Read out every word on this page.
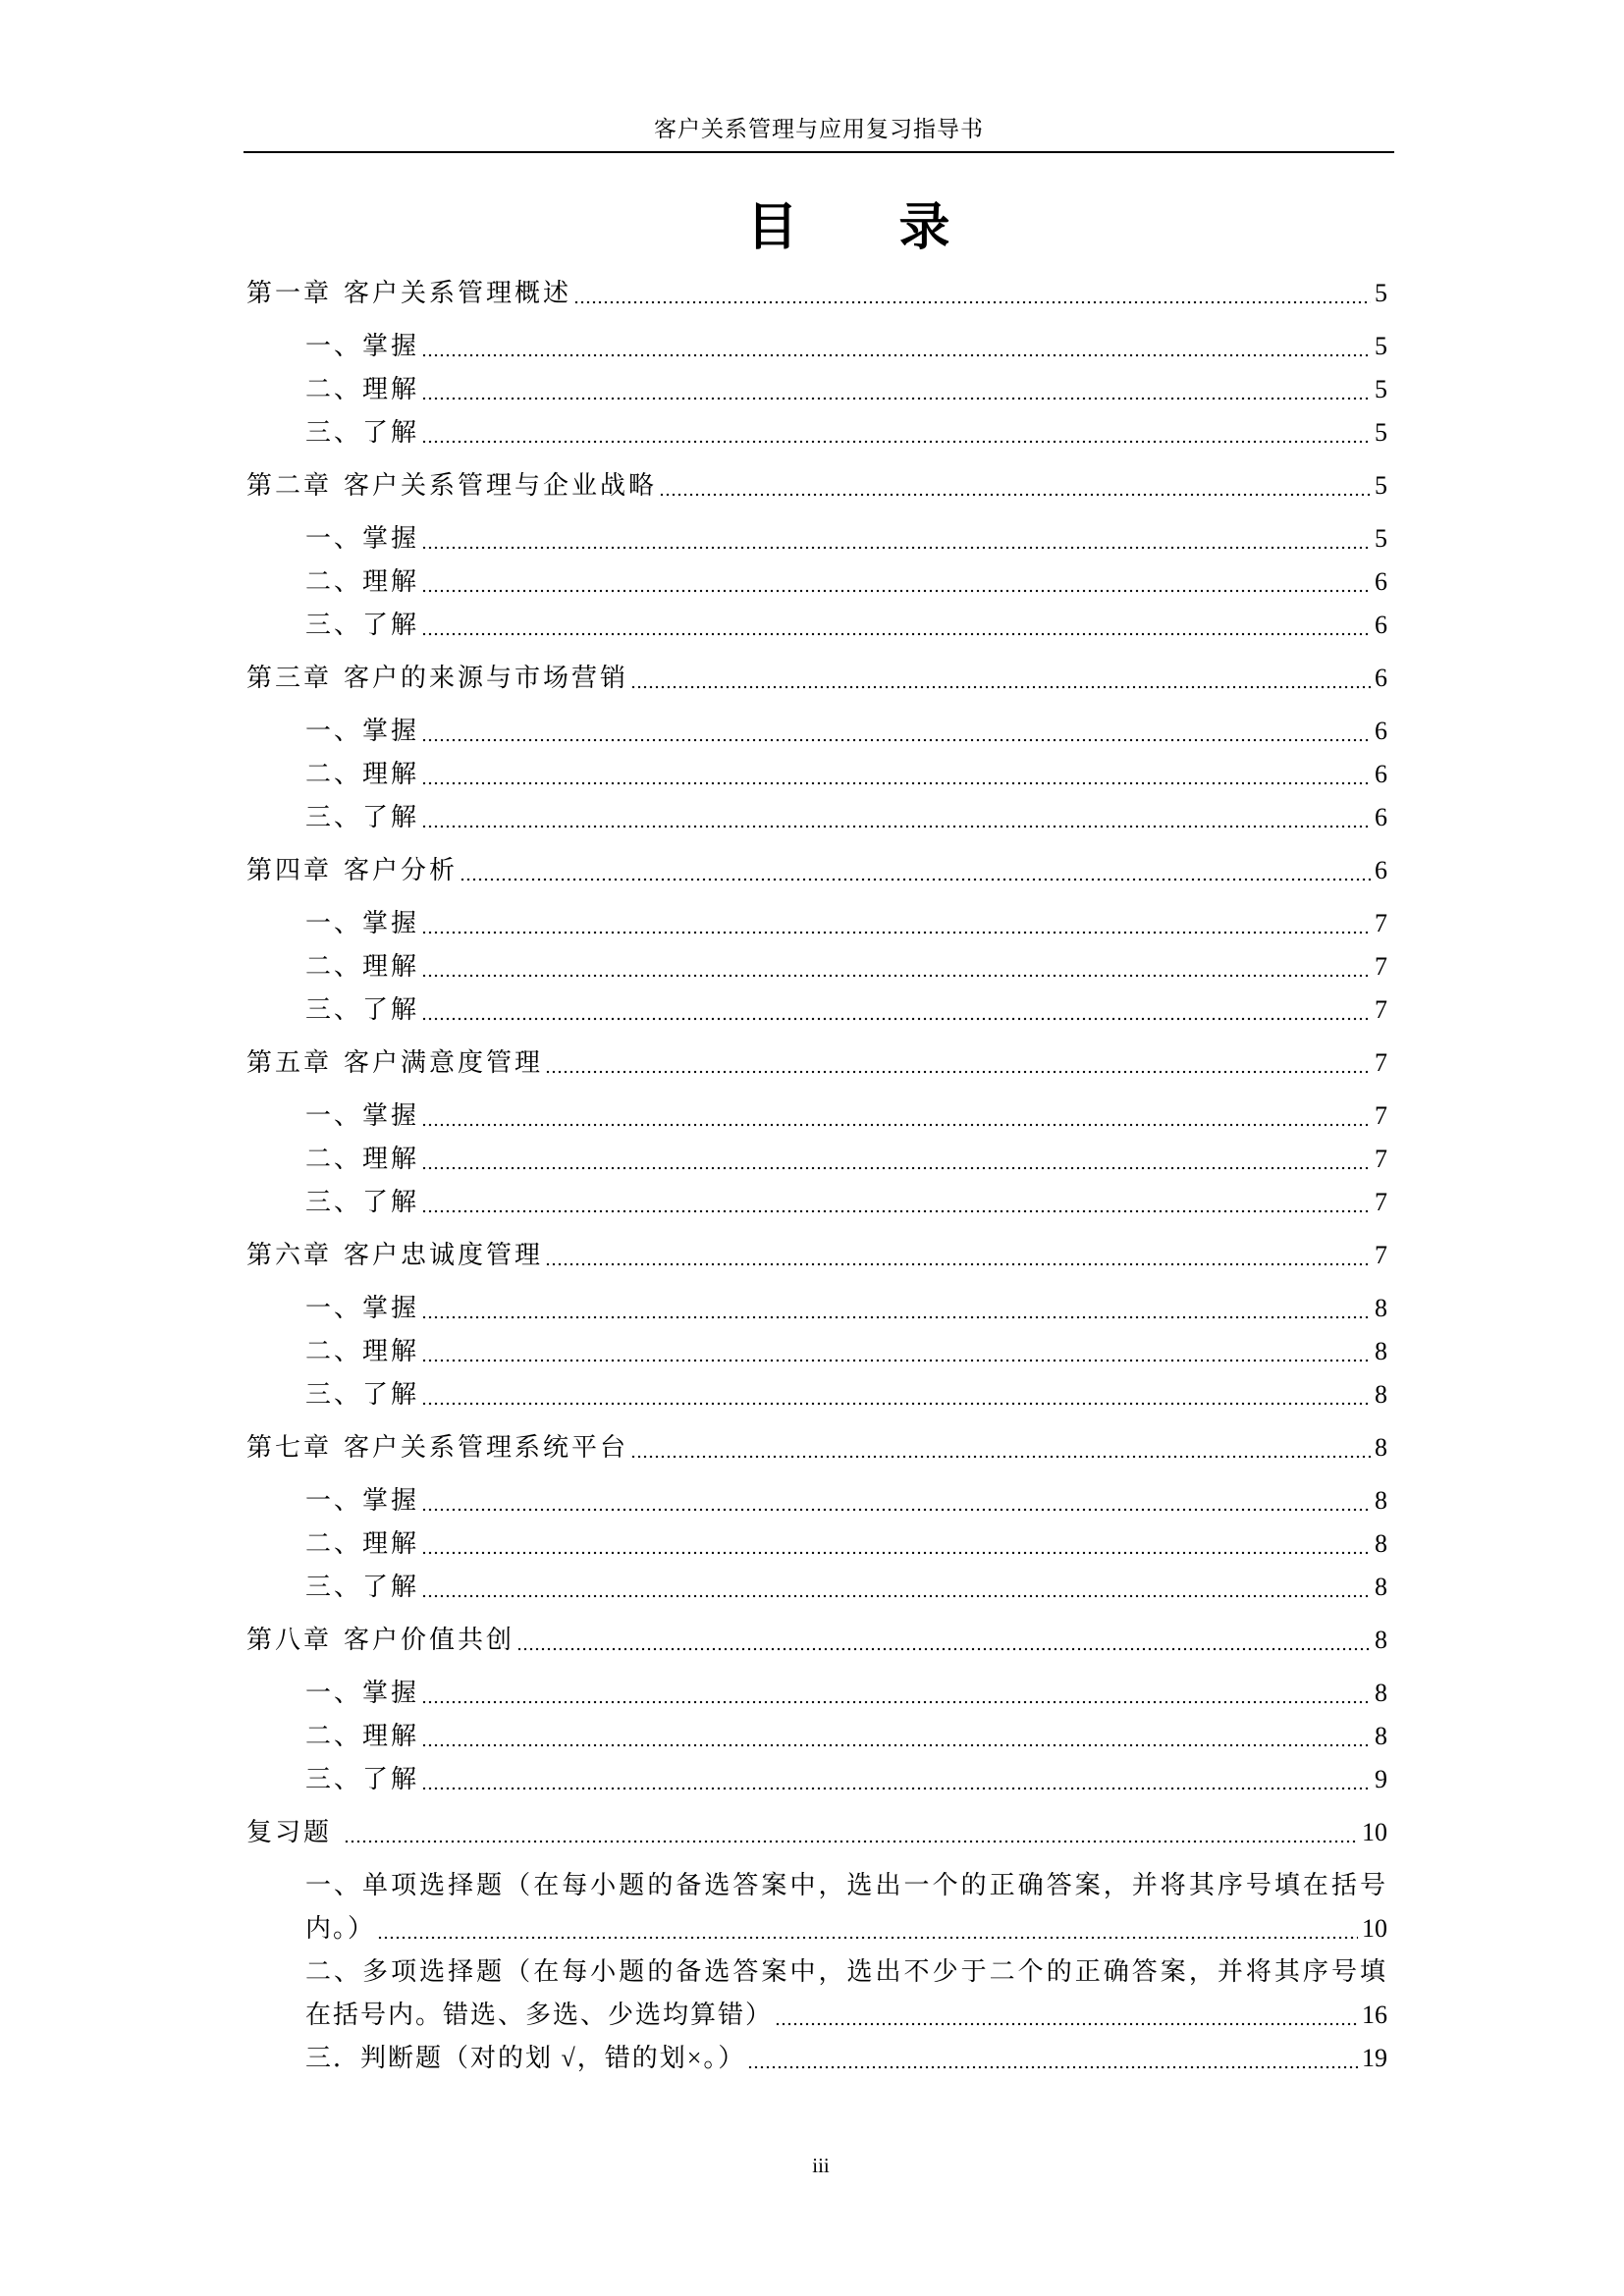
客户关系管理与应用复习指导书
目 录
第一章 客户关系管理概述	5
一、掌握	5
二、理解	5
三、了解	5
第二章 客户关系管理与企业战略	5
一、掌握	5
二、理解	6
三、了解	6
第三章 客户的来源与市场营销	6
一、掌握	6
二、理解	6
三、了解	6
第四章 客户分析	6
一、掌握	7
二、理解	7
三、了解	7
第五章 客户满意度管理	7
一、掌握	7
二、理解	7
三、了解	7
第六章 客户忠诚度管理	7
一、掌握	8
二、理解	8
三、了解	8
第七章 客户关系管理系统平台	8
一、掌握	8
二、理解	8
三、了解	8
第八章 客户价值共创	8
一、掌握	8
二、理解	8
三、了解	9
复习题	10
一、单项选择题（在每小题的备选答案中，选出一个的正确答案，并将其序号填在括号
内。）	10
二、多项选择题（在每小题的备选答案中，选出不少于二个的正确答案，并将其序号填
在括号内。错选、多选、少选均算错）	16
三．判断题（对的划 √，错的划×。）	19
iii
